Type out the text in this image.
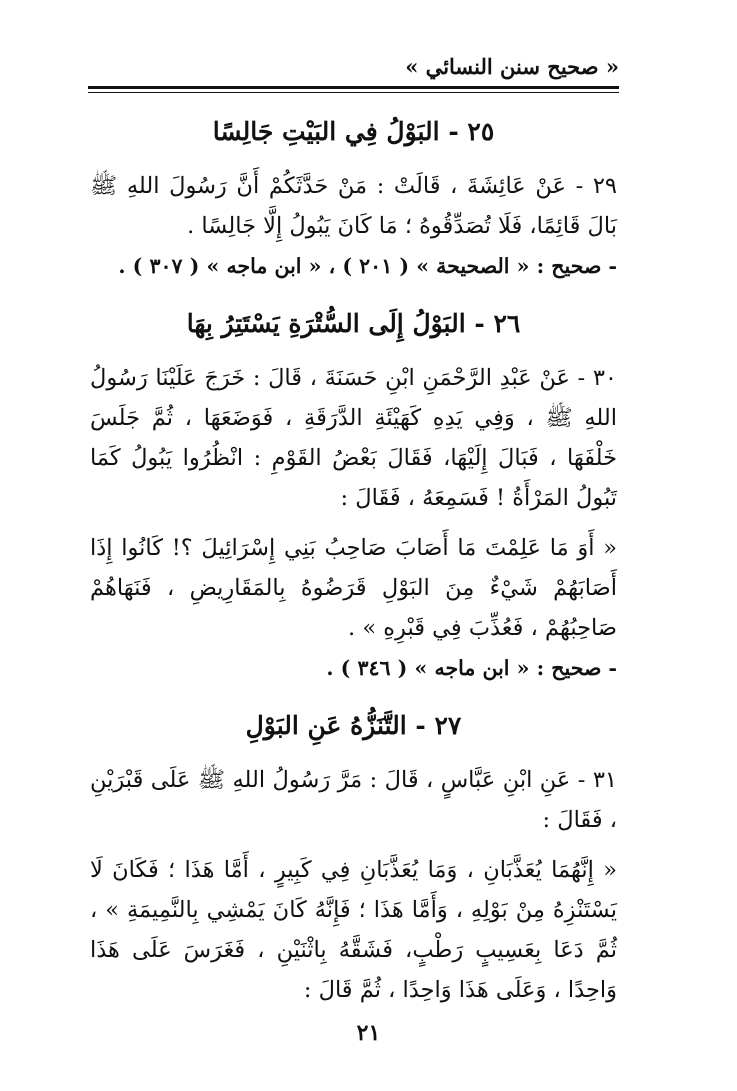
« صحيح سنن النسائي »
٢٥ - البَوْلُ فِي البَيْتِ جَالِسًا

٢٩ - عَنْ عَائِشَةَ ، قَالَتْ : مَنْ حَدَّثَكُمْ أَنَّ رَسُولَ اللهِ ﷺ بَالَ قَائِمًا، فَلَا تُصَدِّقُوهُ ؛ مَا كَانَ يَبُولُ إِلَّا جَالِسًا .

- صحيح : « الصحيحة » ( ٢٠١ ) ، « ابن ماجه » ( ٣٠٧ ) .

٢٦ - البَوْلُ إِلَى السُّتْرَةِ يَسْتَتِرُ بِهَا

٣٠ - عَنْ عَبْدِ الرَّحْمَنِ ابْنِ حَسَنَةَ ، قَالَ : خَرَجَ عَلَيْنَا رَسُولُ اللهِ ﷺ ، وَفِي يَدِهِ كَهَيْئَةِ الدَّرَقَةِ ، فَوَضَعَهَا ، ثُمَّ جَلَسَ خَلْفَهَا ، فَبَالَ إِلَيْهَا، فَقَالَ بَعْضُ القَوْمِ : انْظُرُوا يَبُولُ كَمَا تَبُولُ المَرْأَةُ ! فَسَمِعَهُ ، فَقَالَ :

« أَوَ مَا عَلِمْتَ مَا أَصَابَ صَاحِبُ بَنِي إِسْرَائِيلَ ؟! كَانُوا إِذَا أَصَابَهُمْ شَيْءٌ مِنَ البَوْلِ قَرَضُوهُ بِالمَقَارِيضِ ، فَنَهَاهُمْ صَاحِبُهُمْ ، فَعُذِّبَ فِي قَبْرِهِ » .

- صحيح : « ابن ماجه » ( ٣٤٦ ) .

٢٧ - التَّنَزُّهُ عَنِ البَوْلِ

٣١ - عَنِ ابْنِ عَبَّاسٍ ، قَالَ : مَرَّ رَسُولُ اللهِ ﷺ عَلَى قَبْرَيْنِ ، فَقَالَ :

« إِنَّهُمَا يُعَذَّبَانِ ، وَمَا يُعَذَّبَانِ فِي كَبِيرٍ ، أَمَّا هَذَا ؛ فَكَانَ لَا يَسْتَنْزِهُ مِنْ بَوْلِهِ ، وَأَمَّا هَذَا ؛ فَإِنَّهُ كَانَ يَمْشِي بِالنَّمِيمَةِ » ، ثُمَّ دَعَا بِعَسِيبٍ رَطْبٍ، فَشَقَّهُ بِاثْنَيْنِ ، فَغَرَسَ عَلَى هَذَا وَاحِدًا ، وَعَلَى هَذَا وَاحِدًا ، ثُمَّ قَالَ :

٢١
